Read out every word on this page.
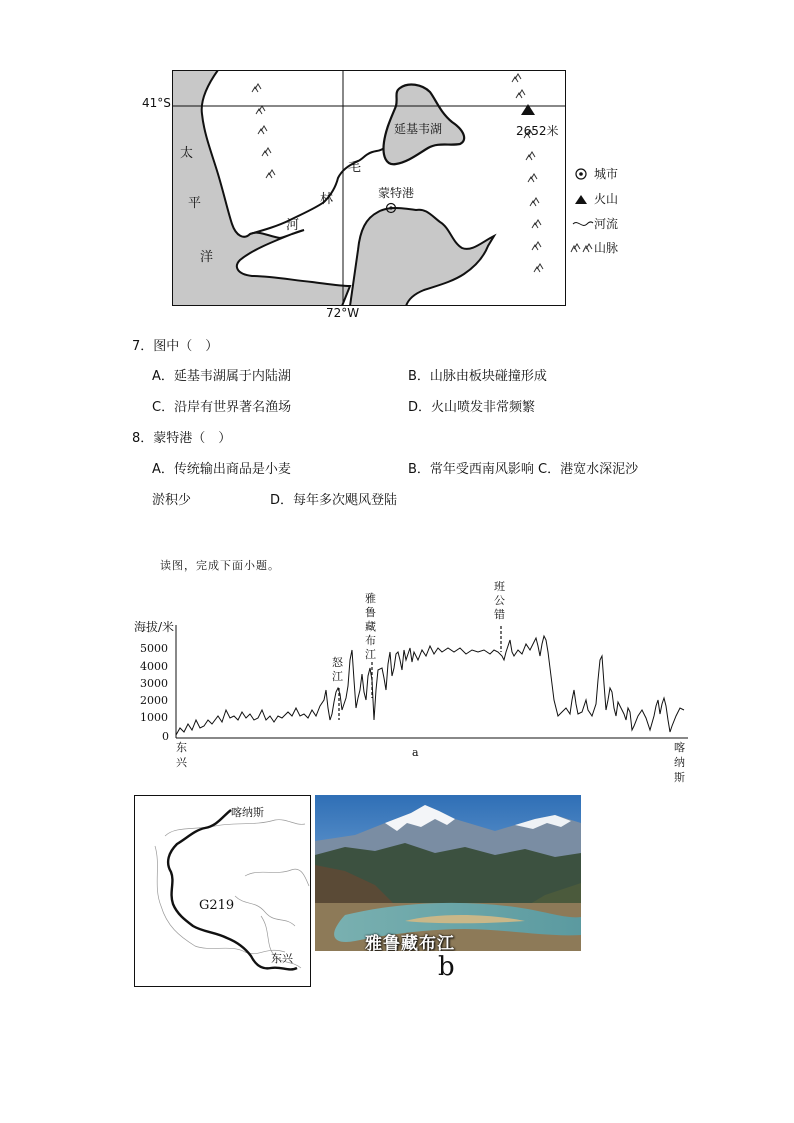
太
平
洋
河
林
毛
延基韦湖
蒙特港
2652米
41°S
72°W
城市
火山
河流
山脉
7．图中（　）
A．延基韦湖属于内陆湖	B．山脉由板块碰撞形成
C．沿岸有世界著名渔场	D．火山喷发非常频繁
8．蒙特港（　）
A．传统输出商品是小麦	B．常年受西南风影响 C．港宽水深泥沙
淤积少	D．每年多次飓风登陆
读图，完成下面小题。
海拔/米
5000
4000
3000
2000
1000
0
怒
江
雅
鲁
藏
布
江
班
公
错
东
兴
a	喀
纳
斯
喀纳斯
G219
东兴
雅鲁藏布江
b
